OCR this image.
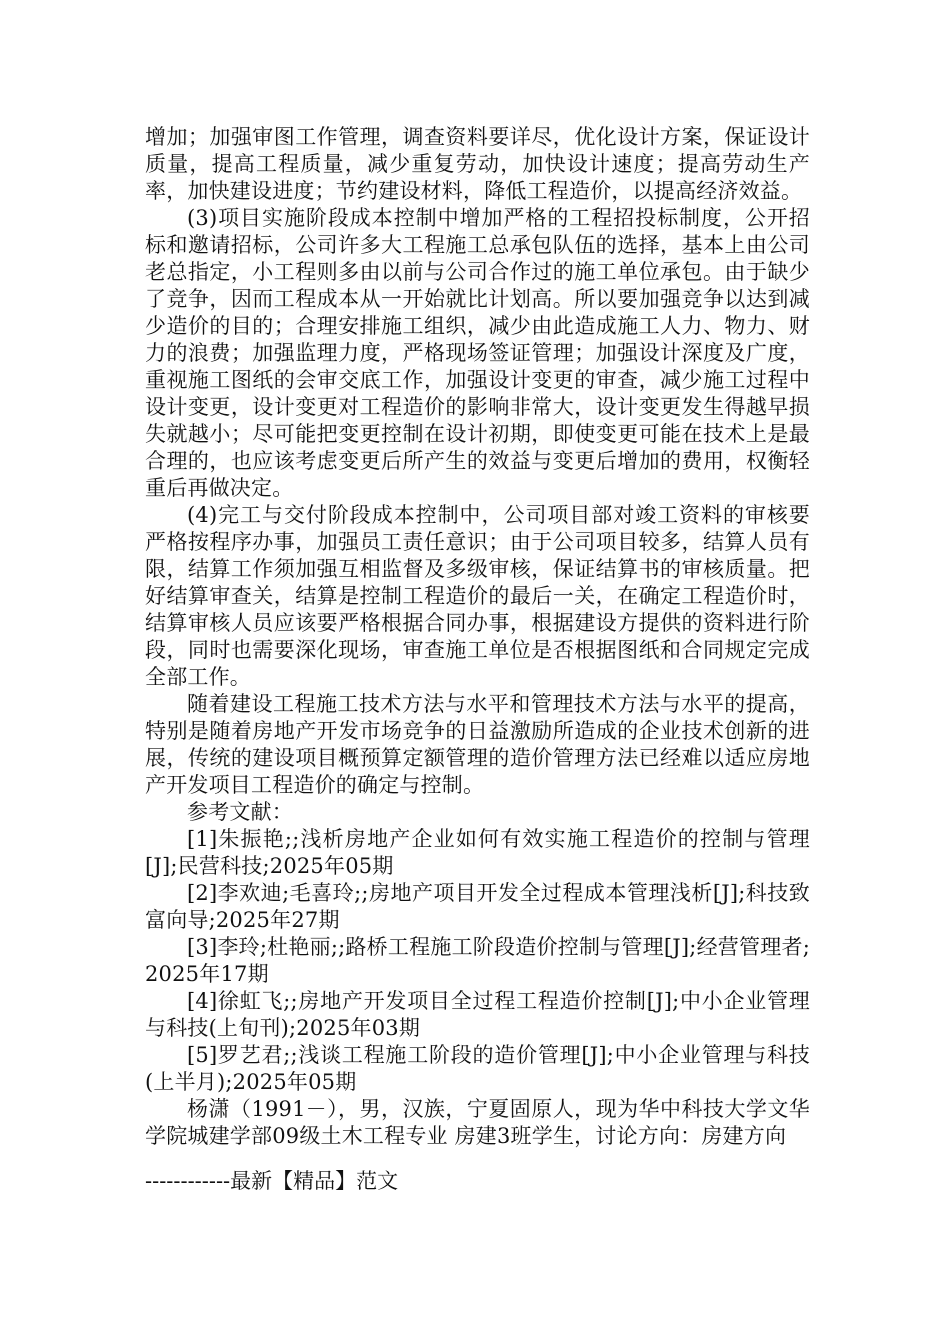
增加；加强审图工作管理，调查资料要详尽，优化设计方案，保证设计质量，提高工程质量，减少重复劳动，加快设计速度；提高劳动生产率，加快建设进度；节约建设材料，降低工程造价，以提高经济效益。

(3)项目实施阶段成本控制中增加严格的工程招投标制度，公开招标和邀请招标，公司许多大工程施工总承包队伍的选择，基本上由公司老总指定，小工程则多由以前与公司合作过的施工单位承包。由于缺少了竞争，因而工程成本从一开始就比计划高。所以要加强竞争以达到减少造价的目的；合理安排施工组织，减少由此造成施工人力、物力、财力的浪费；加强监理力度，严格现场签证管理；加强设计深度及广度，重视施工图纸的会审交底工作，加强设计变更的审查，减少施工过程中设计变更，设计变更对工程造价的影响非常大，设计变更发生得越早损失就越小；尽可能把变更控制在设计初期，即使变更可能在技术上是最合理的，也应该考虑变更后所产生的效益与变更后增加的费用，权衡轻重后再做决定。

(4)完工与交付阶段成本控制中，公司项目部对竣工资料的审核要严格按程序办事，加强员工责任意识；由于公司项目较多，结算人员有限，结算工作须加强互相监督及多级审核，保证结算书的审核质量。把好结算审查关，结算是控制工程造价的最后一关，在确定工程造价时，结算审核人员应该要严格根据合同办事，根据建设方提供的资料进行阶段，同时也需要深化现场，审查施工单位是否根据图纸和合同规定完成全部工作。

随着建设工程施工技术方法与水平和管理技术方法与水平的提高，特别是随着房地产开发市场竞争的日益激励所造成的企业技术创新的进展，传统的建设项目概预算定额管理的造价管理方法已经难以适应房地产开发项目工程造价的确定与控制。

参考文献：

[1]朱振艳;;浅析房地产企业如何有效实施工程造价的控制与管理[J];民营科技;2025年05期

[2]李欢迪;毛喜玲;;房地产项目开发全过程成本管理浅析[J];科技致富向导;2025年27期

[3]李玲;杜艳丽;;路桥工程施工阶段造价控制与管理[J];经营管理者;2025年17期

[4]徐虹飞;;房地产开发项目全过程工程造价控制[J];中小企业管理与科技(上旬刊);2025年03期

[5]罗艺君;;浅谈工程施工阶段的造价管理[J];中小企业管理与科技(上半月);2025年05期

杨潇（1991－），男，汉族，宁夏固原人，现为华中科技大学文华学院城建学部09级土木工程专业 房建3班学生，讨论方向：房建方向

------------最新【精品】范文
